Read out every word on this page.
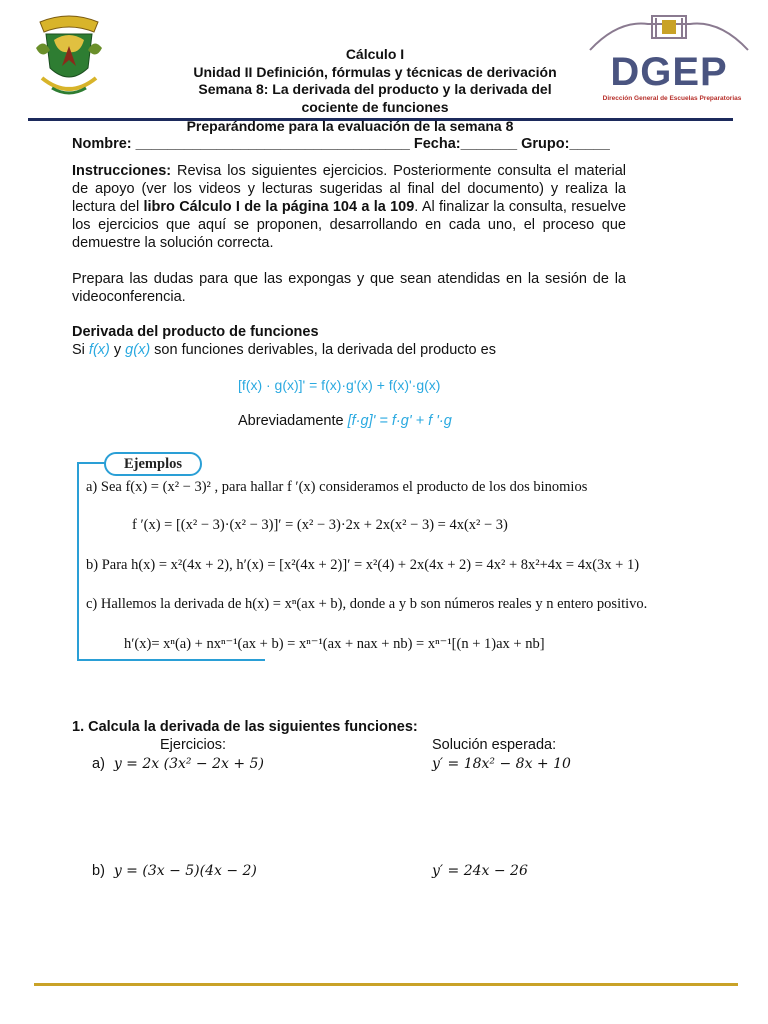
DGEP
Dirección General de Escuelas Preparatorias
Cálculo I
Unidad II Definición, fórmulas y técnicas de derivación
Semana 8: La derivada del producto y la derivada del
cociente de funciones
Preparándome para la evaluación de la semana 8
Nombre: __________________________________ Fecha:_______ Grupo:_____
Instrucciones: Revisa los siguientes ejercicios. Posteriormente consulta el material de apoyo (ver los videos y lecturas sugeridas al final del documento) y realiza la lectura del libro Cálculo I de la página 104 a la 109. Al finalizar la consulta, resuelve los ejercicios que aquí se proponen, desarrollando en cada uno, el proceso que demuestre la solución correcta.
Prepara las dudas para que las expongas y que sean atendidas en la sesión de la videoconferencia.
Derivada del producto de funciones
Si f(x) y g(x) son funciones derivables, la derivada del producto es
[f(x) · g(x)]' = f(x)·g'(x) + f(x)'·g(x)
Abreviadamente [f·g]' = f·g' + f '·g
Ejemplos
a) Sea f(x) = (x² − 3)² , para hallar f ′(x) consideramos el producto de los dos binomios
f ′(x) = [(x² − 3)·(x² − 3)]′ = (x² − 3)·2x + 2x(x² − 3) = 4x(x² − 3)
b) Para h(x) = x²(4x + 2), h′(x) = [x²(4x + 2)]′ = x²(4) + 2x(4x + 2) = 4x² + 8x²+4x = 4x(3x + 1)
c) Hallemos la derivada de h(x) = xⁿ(ax + b), donde a y b son números reales y n entero positivo.
h′(x)= xⁿ(a) + nxⁿ⁻¹(ax + b) = xⁿ⁻¹(ax + nax + nb) = xⁿ⁻¹[(n + 1)ax + nb]
1. Calcula la derivada de las siguientes funciones:
Ejercicios:	Solución esperada:
a) y = 2x (3x² − 2x + 5)	y′ = 18x² − 8x + 10
b) y = (3x − 5)(4x − 2)	y′ = 24x − 26
